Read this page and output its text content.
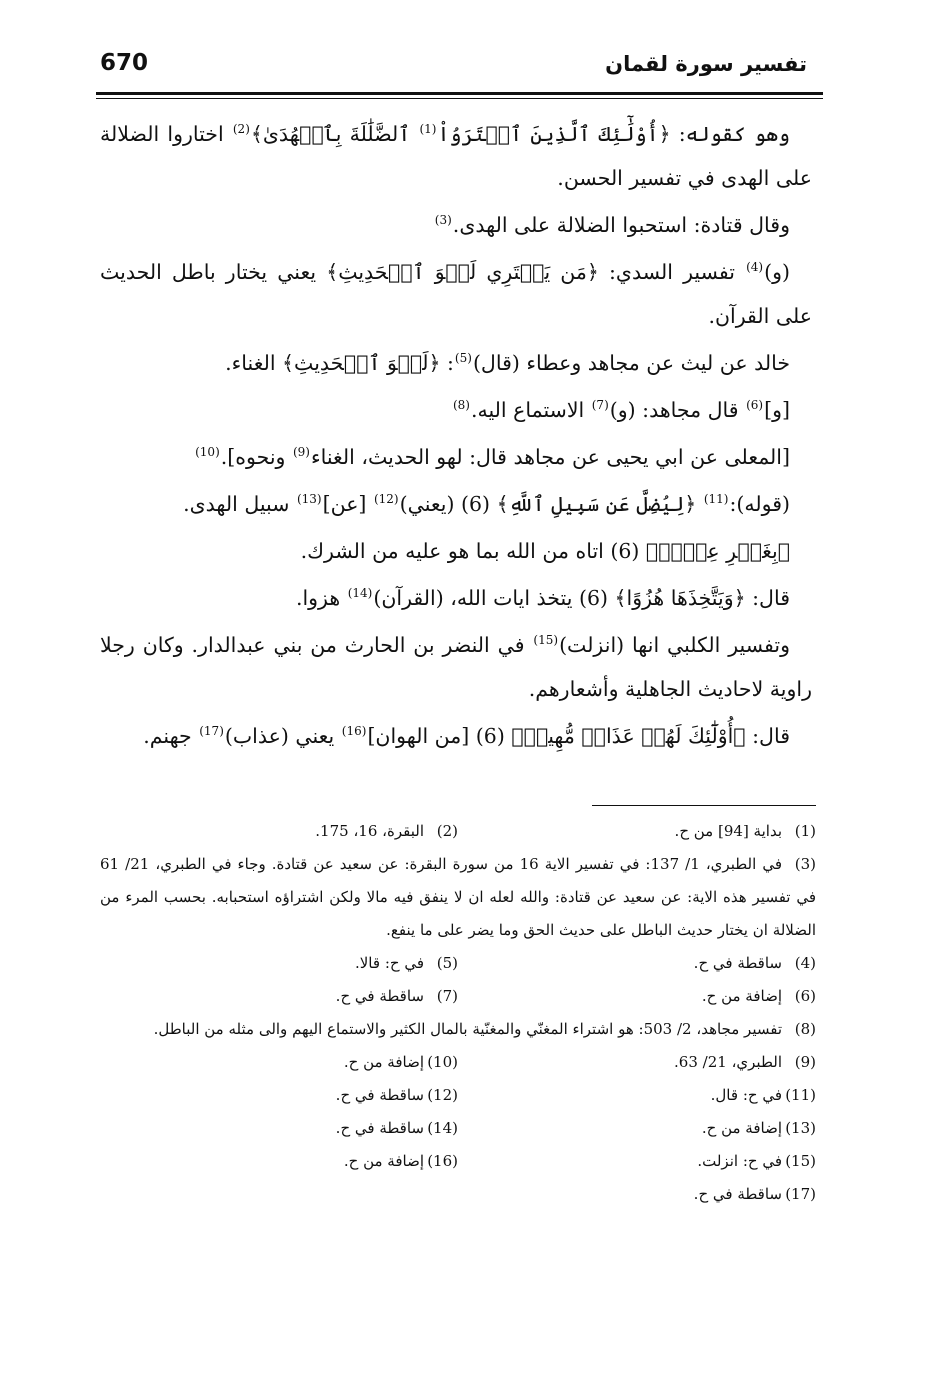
670	تفسير سورة لقمان

وهو كقوله: ﴿أُوْلَٰٓئِكَ ٱلَّذِينَ ٱشۡتَرَوُاْ$^{(1)}$ ٱلضَّلَٰلَةَ بِٱلۡهُدَىٰ﴾$^{(2)}$ اختاروا الضلالة على الهدى في تفسير الحسن.

وقال قتادة: استحبوا الضلالة على الهدى.$^{(3)}$

(و)$^{(4)}$ تفسير السدي: ﴿مَن يَشۡتَرِي لَهۡوَ ٱلۡحَدِيثِ﴾ يعني يختار باطل الحديث على القرآن.

خالد عن ليث عن مجاهد وعطاء (قال)$^{(5)}$: ﴿لَهۡوَ ٱلۡحَدِيثِ﴾ الغناء.

[و]$^{(6)}$ قال مجاهد: (و)$^{(7)}$ الاستماع اليه.$^{(8)}$

[المعلى عن ابي يحيى عن مجاهد قال: لهو الحديث، الغناء$^{(9)}$ ونحوه].$^{(10)}$

(قوله):$^{(11)}$ ﴿لِيُضِلَّ عَن سَبِيلِ ٱللَّهِ﴾ (6) (يعني)$^{(12)}$ [عن]$^{(13)}$ سبيل الهدى.

﴿بِغَيۡرِ عِلۡمٖ﴾ (6) اتاه من الله بما هو عليه من الشرك.

قال: ﴿وَيَتَّخِذَهَا هُزُوًا﴾ (6) يتخذ ايات الله، (القرآن)$^{(14)}$ هزوا.

وتفسير الكلبي انها (انزلت)$^{(15)}$ في النضر بن الحارث من بني عبدالدار. وكان رجلا راوية لاحاديث الجاهلية وأشعارهم.

قال: ﴿أُوْلَٰٓئِكَ لَهُمۡ عَذَابٞ مُّهِينٞ﴾ (6) [من الهوان]$^{(16)}$ يعني (عذاب)$^{(17)}$ جهنم.

(1)بداية [94] من ح.
(2)البقرة، 16، 175.
(3)في الطبري، 1/ 137: في تفسير الاية 16 من سورة البقرة: عن سعيد عن قتادة. وجاء في الطبري، 21/ 61 في تفسير هذه الاية: عن سعيد عن قتادة: والله لعله ان لا ينفق فيه مالا ولكن اشتراؤه استحبابه. بحسب المرء من الضلالة ان يختار حديث الباطل على حديث الحق وما يضر على ما ينفع.
(4)ساقطة في ح.
(5)في ح: قالا.
(6)إضافة من ح.
(7)ساقطة في ح.
(8)تفسير مجاهد، 2/ 503: هو اشتراء المغنّي والمغنّية بالمال الكثير والاستماع اليهم والى مثله من الباطل.
(9)الطبري، 21/ 63.
(10)إضافة من ح.
(11)في ح: قال.
(12)ساقطة في ح.
(13)إضافة من ح.
(14)ساقطة في ح.
(15)في ح: انزلت.
(16)إضافة من ح.
(17)ساقطة في ح.
